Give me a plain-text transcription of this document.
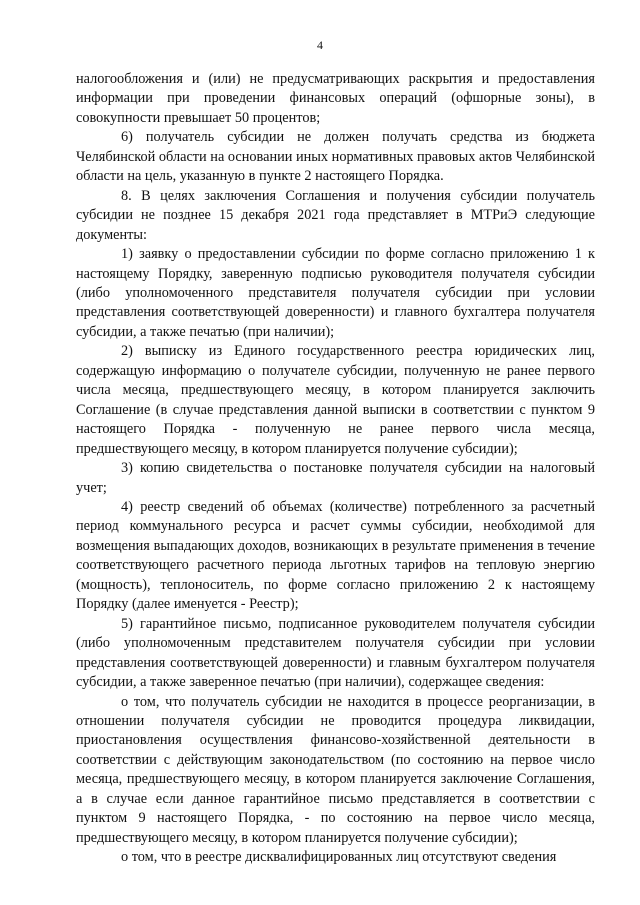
4

налогообложения и (или) не предусматривающих раскрытия и предоставления информации при проведении финансовых операций (офшорные зоны), в совокупности превышает 50 процентов;

6) получатель субсидии не должен получать средства из бюджета Челябинской области на основании иных нормативных правовых актов Челябинской области на цель, указанную в пункте 2 настоящего Порядка.

8. В целях заключения Соглашения и получения субсидии получатель субсидии не позднее 15 декабря 2021 года представляет в МТРиЭ следующие документы:

1) заявку о предоставлении субсидии по форме согласно приложению 1 к настоящему Порядку, заверенную подписью руководителя получателя субсидии (либо уполномоченного представителя получателя субсидии при условии представления соответствующей доверенности) и главного бухгалтера получателя субсидии, а также печатью (при наличии);

2) выписку из Единого государственного реестра юридических лиц, содержащую информацию о получателе субсидии, полученную не ранее первого числа месяца, предшествующего месяцу, в котором планируется заключить Соглашение (в случае представления данной выписки в соответствии с пунктом 9 настоящего Порядка - полученную не ранее первого числа месяца, предшествующего месяцу, в котором планируется получение субсидии);

3) копию свидетельства о постановке получателя субсидии на налоговый учет;

4) реестр сведений об объемах (количестве) потребленного за расчетный период коммунального ресурса и расчет суммы субсидии, необходимой для возмещения выпадающих доходов, возникающих в результате применения в течение соответствующего расчетного периода льготных тарифов на тепловую энергию (мощность), теплоноситель, по форме согласно приложению 2 к настоящему Порядку (далее именуется - Реестр);

5) гарантийное письмо, подписанное руководителем получателя субсидии (либо уполномоченным представителем получателя субсидии при условии представления соответствующей доверенности) и главным бухгалтером получателя субсидии, а также заверенное печатью (при наличии), содержащее сведения:

о том, что получатель субсидии не находится в процессе реорганизации, в отношении получателя субсидии не проводится процедура ликвидации, приостановления осуществления финансово-хозяйственной деятельности в соответствии с действующим законодательством (по состоянию на первое число месяца, предшествующего месяцу, в котором планируется заключение Соглашения, а в случае если данное гарантийное письмо представляется в соответствии с пунктом 9 настоящего Порядка, - по состоянию на первое число месяца, предшествующего месяцу, в котором планируется получение субсидии);

о том, что в реестре дисквалифицированных лиц отсутствуют сведения
